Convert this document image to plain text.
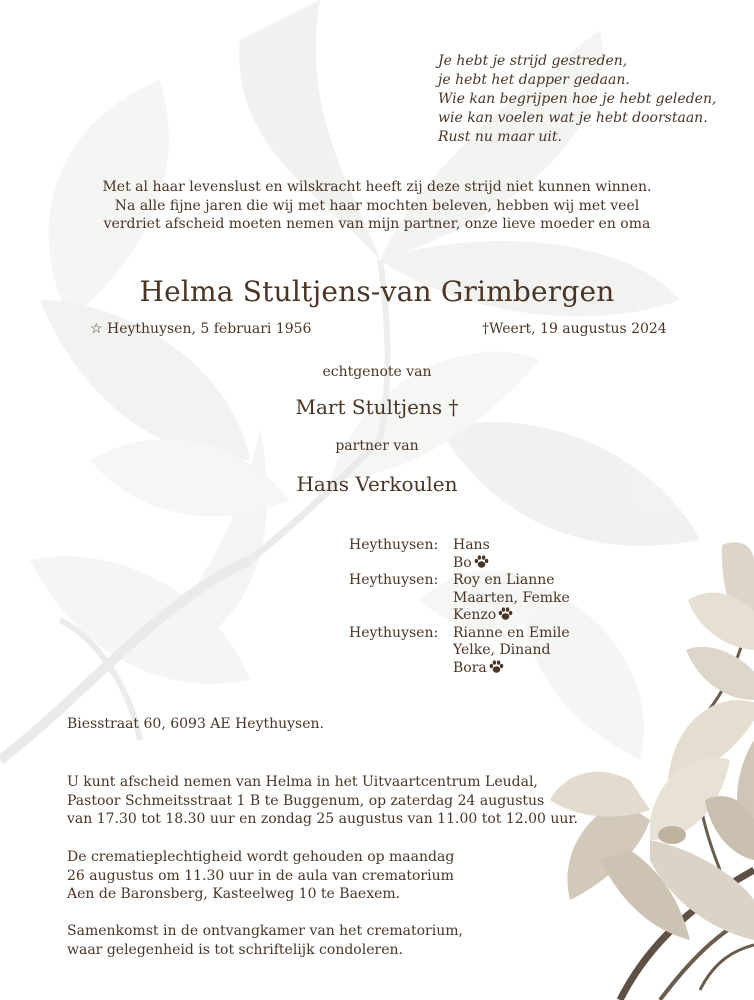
Je hebt je strijd gestreden,
je hebt het dapper gedaan.
Wie kan begrijpen hoe je hebt geleden,
wie kan voelen wat je hebt doorstaan.
Rust nu maar uit.
Met al haar levenslust en wilskracht heeft zij deze strijd niet kunnen winnen.
Na alle fijne jaren die wij met haar mochten beleven, hebben wij met veel
verdriet afscheid moeten nemen van mijn partner, onze lieve moeder en oma
Helma Stultjens-van Grimbergen
☆ Heythuysen, 5 februari 1956	†Weert, 19 augustus 2024
echtgenote van
Mart Stultjens †
partner van
Hans Verkoulen
Heythuysen:	Hans
Bo
Heythuysen:	Roy en Lianne
Maarten, Femke
Kenzo
Heythuysen:	Rianne en Emile
Yelke, Dinand
Bora
Biesstraat 60, 6093 AE Heythuysen.
U kunt afscheid nemen van Helma in het Uitvaartcentrum Leudal,
Pastoor Schmeitsstraat 1 B te Buggenum, op zaterdag 24 augustus
van 17.30 tot 18.30 uur en zondag 25 augustus van 11.00 tot 12.00 uur.
De crematieplechtigheid wordt gehouden op maandag
26 augustus om 11.30 uur in de aula van crematorium
Aen de Baronsberg, Kasteelweg 10 te Baexem.
Samenkomst in de ontvangkamer van het crematorium,
waar gelegenheid is tot schriftelijk condoleren.
